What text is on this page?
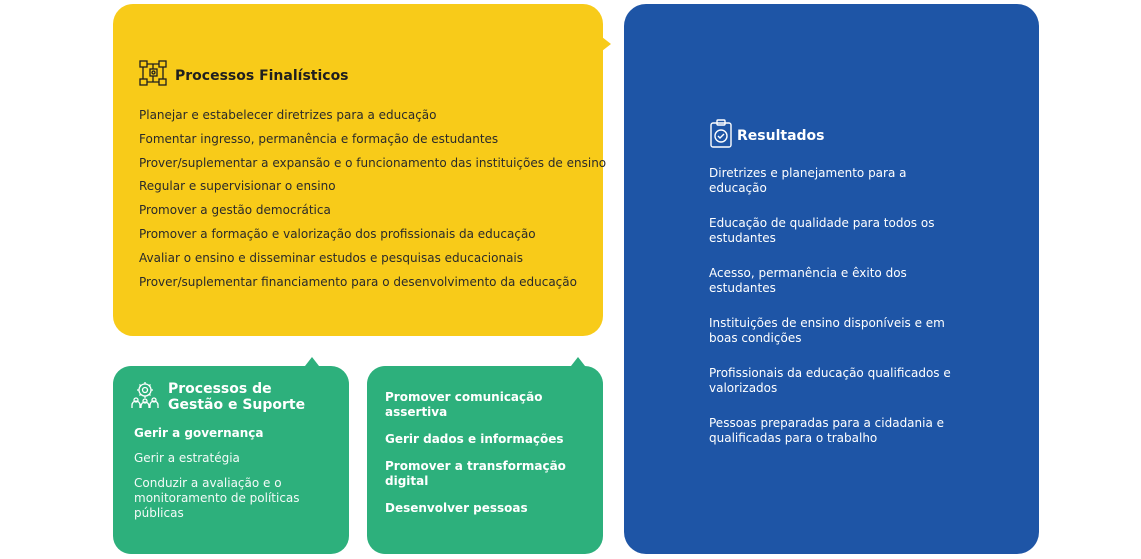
Processos Finalísticos
Planejar e estabelecer diretrizes para a educação
Fomentar ingresso, permanência e formação de estudantes
Prover/suplementar a expansão e o funcionamento das instituições de ensino
Regular e supervisionar o ensino
Promover a gestão democrática
Promover a formação e valorização dos profissionais da educação
Avaliar o ensino e disseminar estudos e pesquisas educacionais
Prover/suplementar financiamento para o desenvolvimento da educação
Resultados
Diretrizes e planejamento para a educação
Educação de qualidade para todos os estudantes
Acesso, permanência e êxito dos estudantes
Instituições de ensino disponíveis e em boas condições
Profissionais da educação qualificados e valorizados
Pessoas preparadas para a cidadania e qualificadas para o trabalho
Processos de Gestão e Suporte
Gerir a governança
Gerir a estratégia
Conduzir a avaliação e o monitoramento de políticas públicas
Promover comunicação assertiva
Gerir dados e informações
Promover a transformação digital
Desenvolver pessoas
